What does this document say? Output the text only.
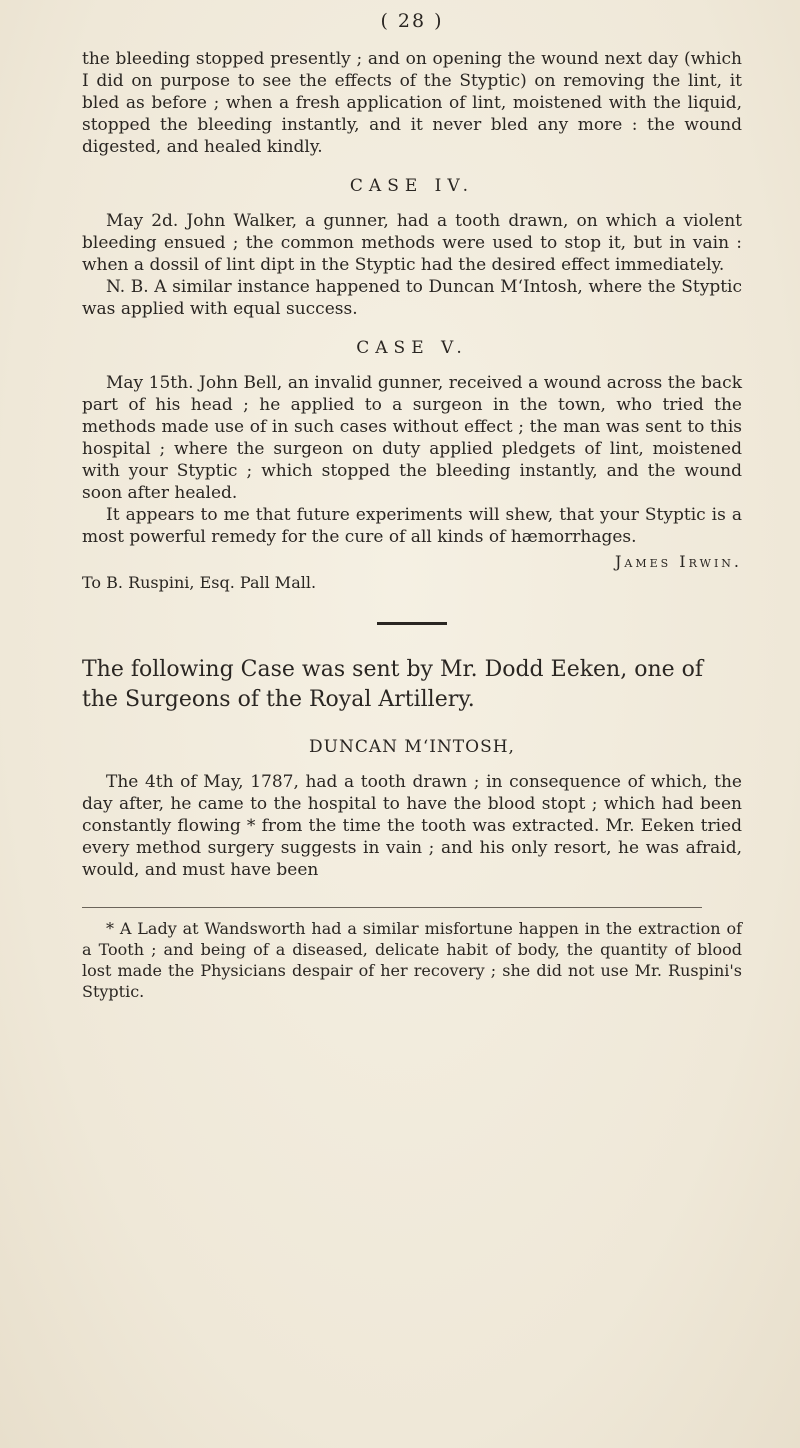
( 28 )

the bleeding stopped presently ; and on opening the wound next day (which I did on purpose to see the effects of the Styptic) on removing the lint, it bled as before ; when a fresh application of lint, moistened with the liquid, stopped the bleeding instantly, and it never bled any more : the wound digested, and healed kindly.

CASE IV.

May 2d. John Walker, a gunner, had a tooth drawn, on which a violent bleeding ensued ; the common methods were used to stop it, but in vain : when a dossil of lint dipt in the Styptic had the desired effect immediately.

N. B. A similar instance happened to Duncan M‘Intosh, where the Styptic was applied with equal success.

CASE V.

May 15th. John Bell, an invalid gunner, received a wound across the back part of his head ; he applied to a surgeon in the town, who tried the methods made use of in such cases without effect ; the man was sent to this hospital ; where the surgeon on duty applied pledgets of lint, moistened with your Styptic ; which stopped the bleeding instantly, and the wound soon after healed.

It appears to me that future experiments will shew, that your Styptic is a most powerful remedy for the cure of all kinds of hæmorrhages.

James Irwin.
To B. Ruspini, Esq. Pall Mall.

The following Case was sent by Mr. Dodd Eeken, one of the Surgeons of the Royal Artillery.

DUNCAN M‘INTOSH,

The 4th of May, 1787, had a tooth drawn ; in consequence of which, the day after, he came to the hospital to have the blood stopt ; which had been constantly flowing * from the time the tooth was extracted. Mr. Eeken tried every method surgery suggests in vain ; and his only resort, he was afraid, would, and must have been

* A Lady at Wandsworth had a similar misfortune happen in the extraction of a Tooth ; and being of a diseased, delicate habit of body, the quantity of blood lost made the Physicians despair of her recovery ; she did not use Mr. Ruspini's Styptic.
